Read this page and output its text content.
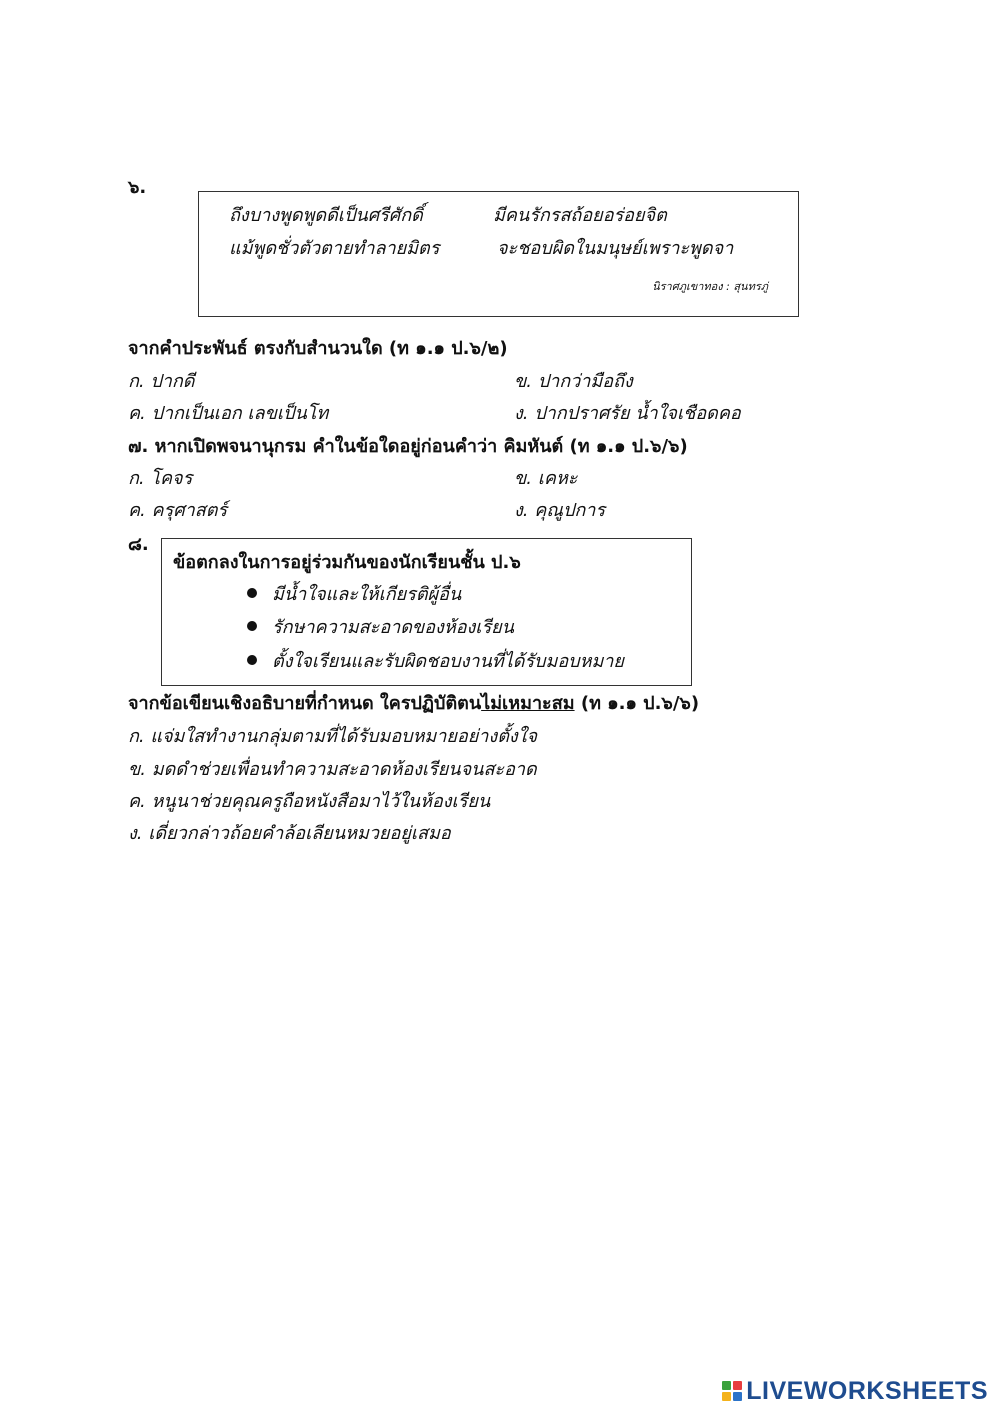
๖.
ถึงบางพูดพูดดีเป็นศรีศักดิ์	มีคนรักรสถ้อยอร่อยจิต
แม้พูดชั่วตัวตายทำลายมิตร	จะชอบผิดในมนุษย์เพราะพูดจา
นิราศภูเขาทอง : สุนทรภู่
จากคำประพันธ์ ตรงกับสำนวนใด (ท ๑.๑ ป.๖/๒)
ก. ปากดี	ข. ปากว่ามือถึง
ค. ปากเป็นเอก เลขเป็นโท	ง. ปากปราศรัย น้ำใจเชือดคอ
๗. หากเปิดพจนานุกรม คำในข้อใดอยู่ก่อนคำว่า คิมหันต์ (ท ๑.๑ ป.๖/๖)
ก. โคจร	ข. เคหะ
ค. ครุศาสตร์	ง. คุณูปการ
๘.
ข้อตกลงในการอยู่ร่วมกันของนักเรียนชั้น ป.๖
มีน้ำใจและให้เกียรติผู้อื่น
รักษาความสะอาดของห้องเรียน
ตั้งใจเรียนและรับผิดชอบงานที่ได้รับมอบหมาย
จากข้อเขียนเชิงอธิบายที่กำหนด ใครปฏิบัติตนไม่เหมาะสม (ท ๑.๑ ป.๖/๖)
ก. แจ่มใสทำงานกลุ่มตามที่ได้รับมอบหมายอย่างตั้งใจ
ข. มดดำช่วยเพื่อนทำความสะอาดห้องเรียนจนสะอาด
ค. หนูนาช่วยคุณครูถือหนังสือมาไว้ในห้องเรียน
ง. เดี่ยวกล่าวถ้อยคำล้อเลียนหมวยอยู่เสมอ
LIVEWORKSHEETS
